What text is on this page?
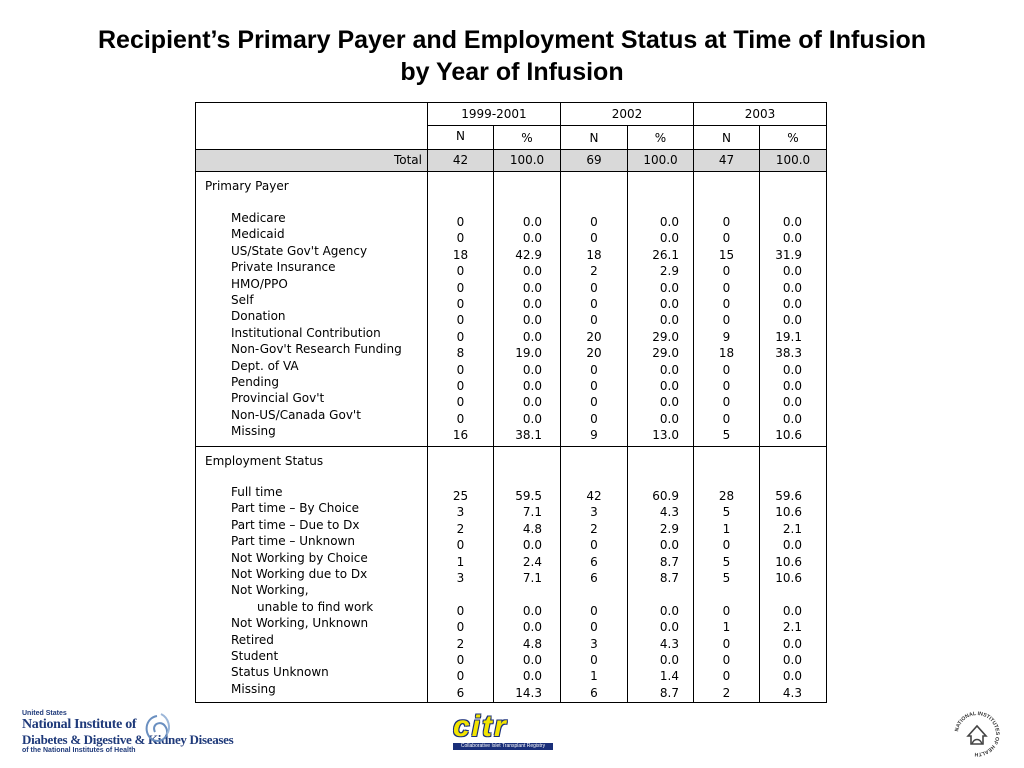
Recipient’s Primary Payer and Employment Status at Time of Infusion
by Year of Infusion
1999-2001	2002	2003
N	%	N	%	N	%
Total	42	100.0	69	100.0	47	100.0
Primary Payer
Employment Status
Medicare	0	0.0	0	0.0	0	0.0
Medicaid	0	0.0	0	0.0	0	0.0
US/State Gov't Agency	18	42.9	18	26.1	15	31.9
Private Insurance	0	0.0	2	2.9	0	0.0
HMO/PPO	0	0.0	0	0.0	0	0.0
Self	0	0.0	0	0.0	0	0.0
Donation	0	0.0	0	0.0	0	0.0
Institutional Contribution	0	0.0	20	29.0	9	19.1
Non-Gov't Research Funding	8	19.0	20	29.0	18	38.3
Dept. of VA	0	0.0	0	0.0	0	0.0
Pending	0	0.0	0	0.0	0	0.0
Provincial Gov't	0	0.0	0	0.0	0	0.0
Non-US/Canada Gov't	0	0.0	0	0.0	0	0.0
Missing	16	38.1	9	13.0	5	10.6
Full time	25	59.5	42	60.9	28	59.6
Part time – By Choice	3	7.1	3	4.3	5	10.6
Part time – Due to Dx	2	4.8	2	2.9	1	2.1
Part time – Unknown	0	0.0	0	0.0	0	0.0
Not Working by Choice	1	2.4	6	8.7	5	10.6
Not Working due to Dx	3	7.1	6	8.7	5	10.6
Not Working,
unable to find work	0	0.0	0	0.0	0	0.0
Not Working, Unknown	0	0.0	0	0.0	1	2.1
Retired	2	4.8	3	4.3	0	0.0
Student	0	0.0	0	0.0	0	0.0
Status Unknown	0	0.0	1	1.4	0	0.0
Missing	6	14.3	6	8.7	2	4.3
United States
National Institute of
Diabetes & Digestive & Kidney Diseases
of the National Institutes of Health
citr
Collaborative Islet Transplant Registry
NATIONAL INSTITUTES OF HEALTH
